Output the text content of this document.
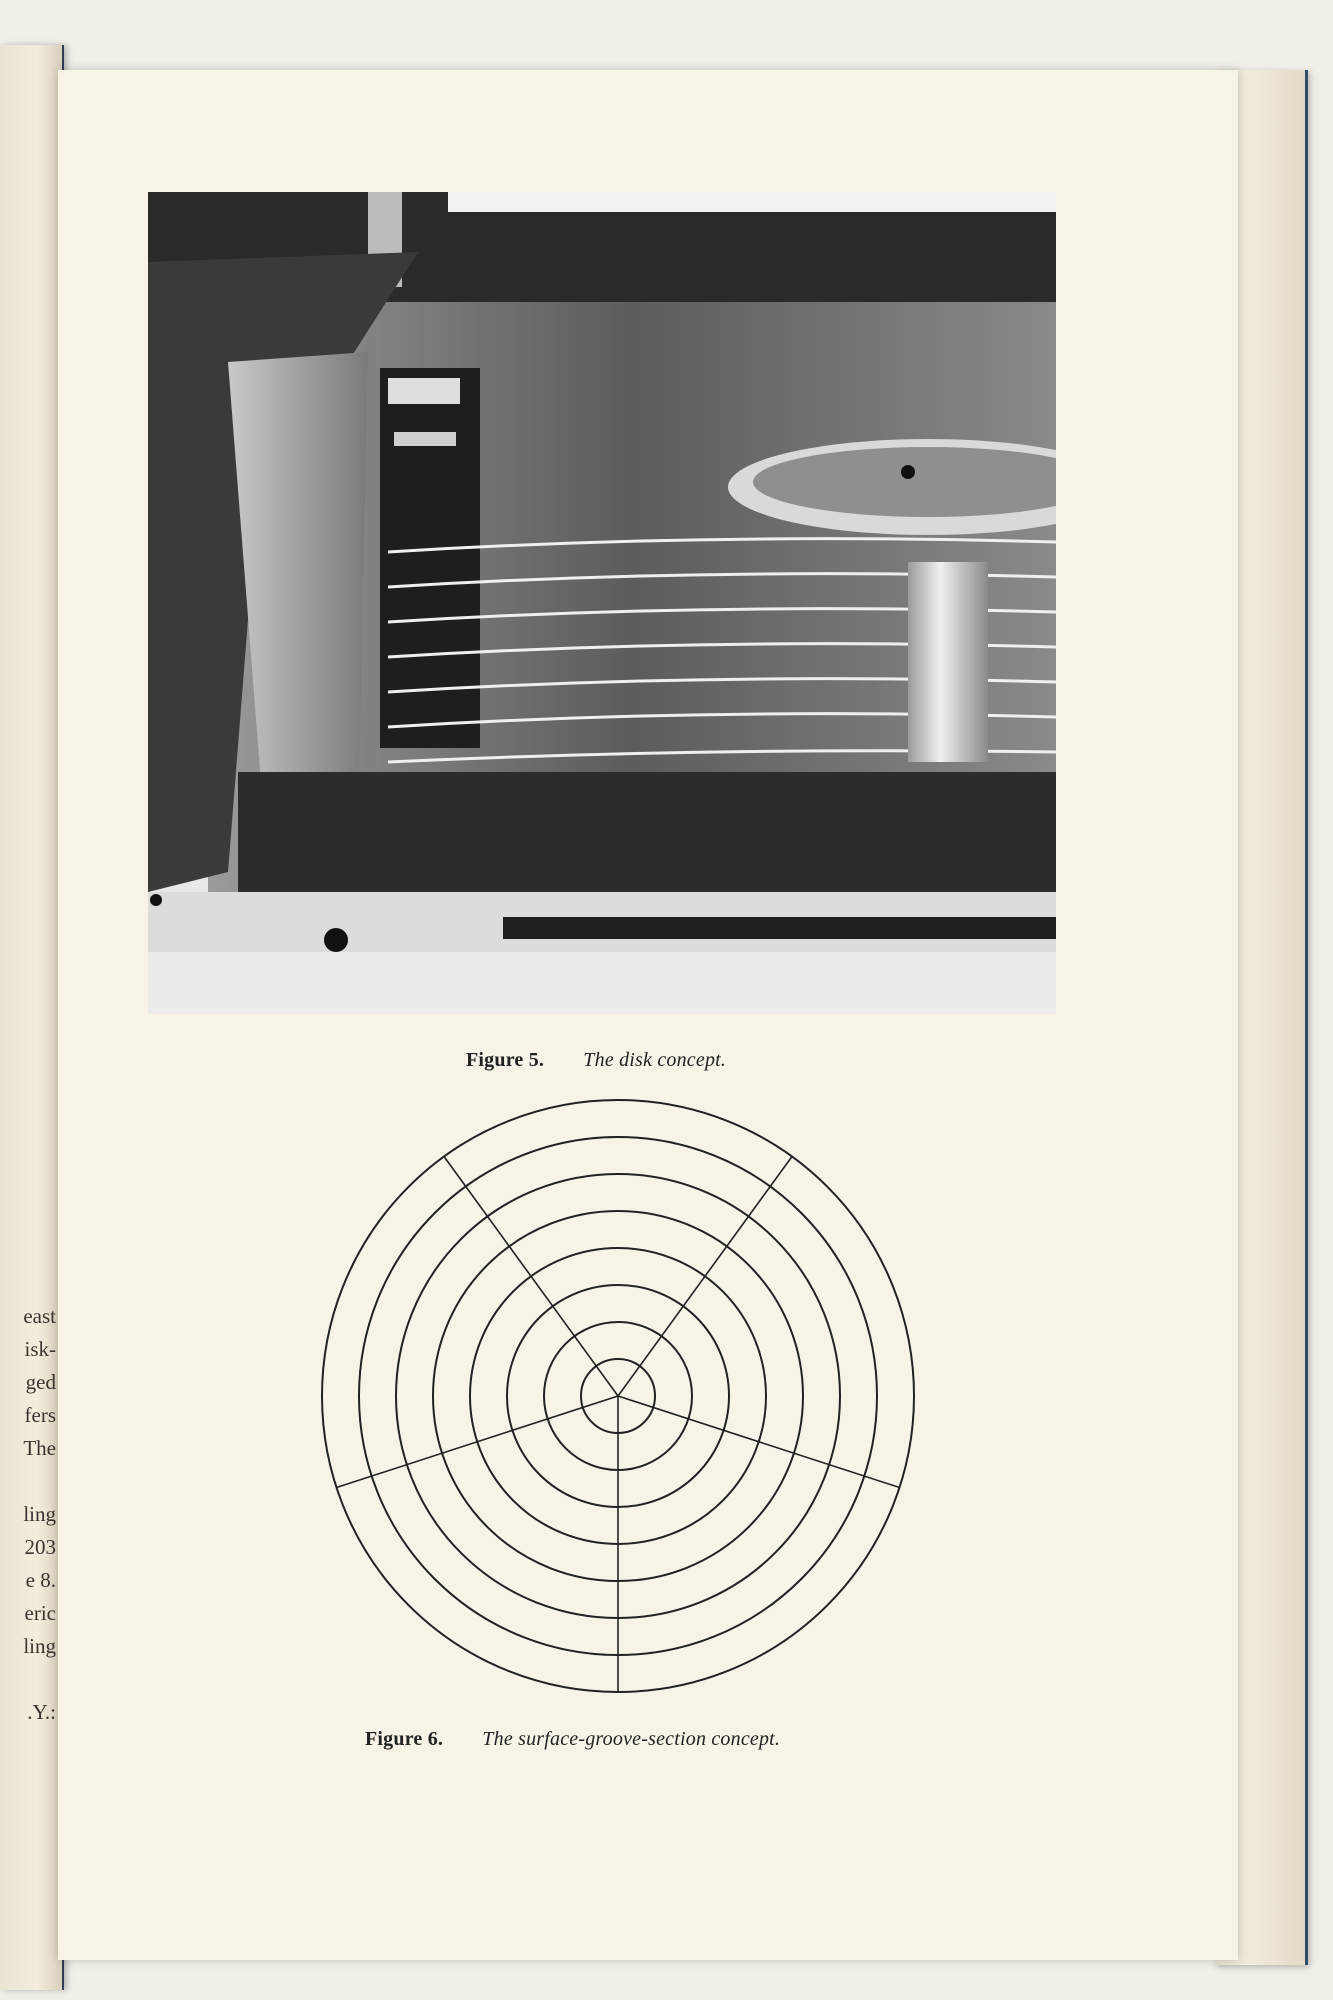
east
isk-
ged
fers
The
ling
203
e 8.
eric
ling
.Y.:
Figure 5. The disk concept.
Figure 6. The surface-groove-section concept.
